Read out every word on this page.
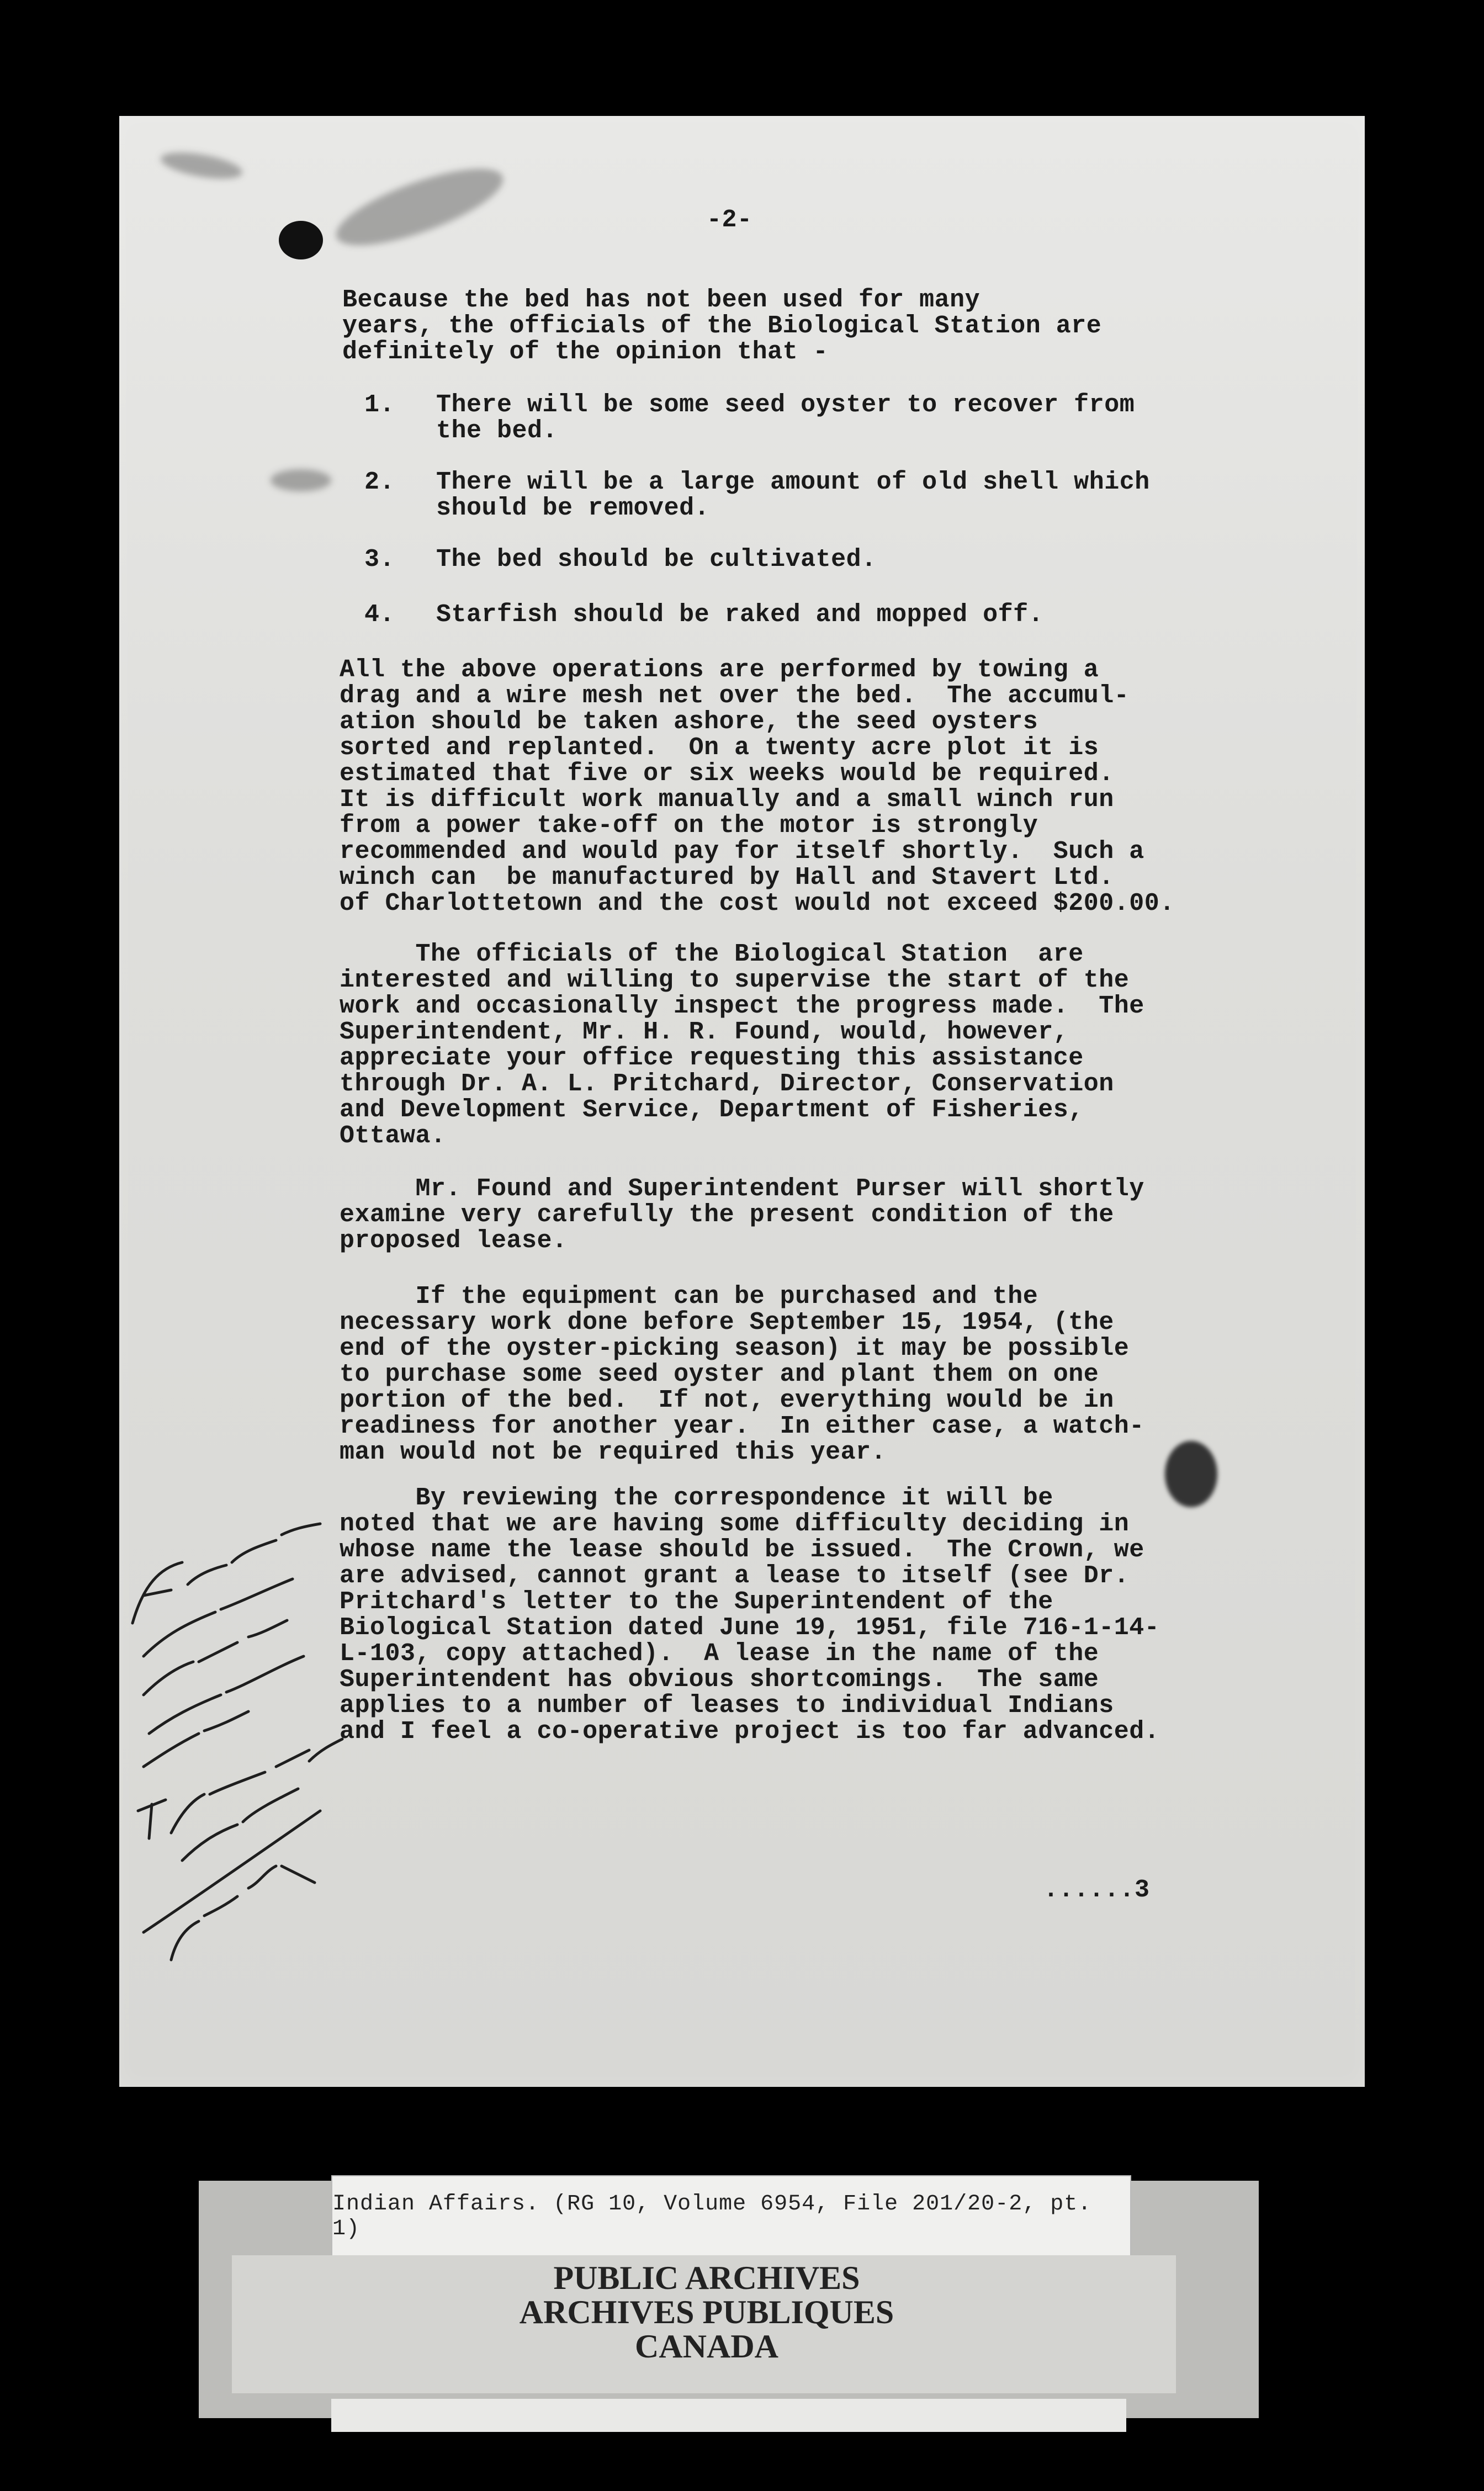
-2-
Because the bed has not been used for many
years, the officials of the Biological Station are
definitely of the opinion that -
1. There will be some seed oyster to recover from
the bed.
2. There will be a large amount of old shell which
should be removed.
3. The bed should be cultivated.
4. Starfish should be raked and mopped off.
All the above operations are performed by towing a
drag and a wire mesh net over the bed.  The accumul-
ation should be taken ashore, the seed oysters
sorted and replanted.  On a twenty acre plot it is
estimated that five or six weeks would be required.
It is difficult work manually and a small winch run
from a power take-off on the motor is strongly
recommended and would pay for itself shortly.  Such a
winch can  be manufactured by Hall and Stavert Ltd.
of Charlottetown and the cost would not exceed $200.00.
The officials of the Biological Station  are
interested and willing to supervise the start of the
work and occasionally inspect the progress made.  The
Superintendent, Mr. H. R. Found, would, however,
appreciate your office requesting this assistance
through Dr. A. L. Pritchard, Director, Conservation
and Development Service, Department of Fisheries,
Ottawa.
Mr. Found and Superintendent Purser will shortly
examine very carefully the present condition of the
proposed lease.
If the equipment can be purchased and the
necessary work done before September 15, 1954, (the
end of the oyster-picking season) it may be possible
to purchase some seed oyster and plant them on one
portion of the bed.  If not, everything would be in
readiness for another year.  In either case, a watch-
man would not be required this year.
By reviewing the correspondence it will be
noted that we are having some difficulty deciding in
whose name the lease should be issued.  The Crown, we
are advised, cannot grant a lease to itself (see Dr.
Pritchard's letter to the Superintendent of the
Biological Station dated June 19, 1951, file 716-1-14-
L-103, copy attached).  A lease in the name of the
Superintendent has obvious shortcomings.  The same
applies to a number of leases to individual Indians
and I feel a co-operative project is too far advanced.
......3
Indian Affairs. (RG 10, Volume 6954, File 201/20-2, pt. 1)
PUBLIC ARCHIVES
ARCHIVES PUBLIQUES
CANADA
